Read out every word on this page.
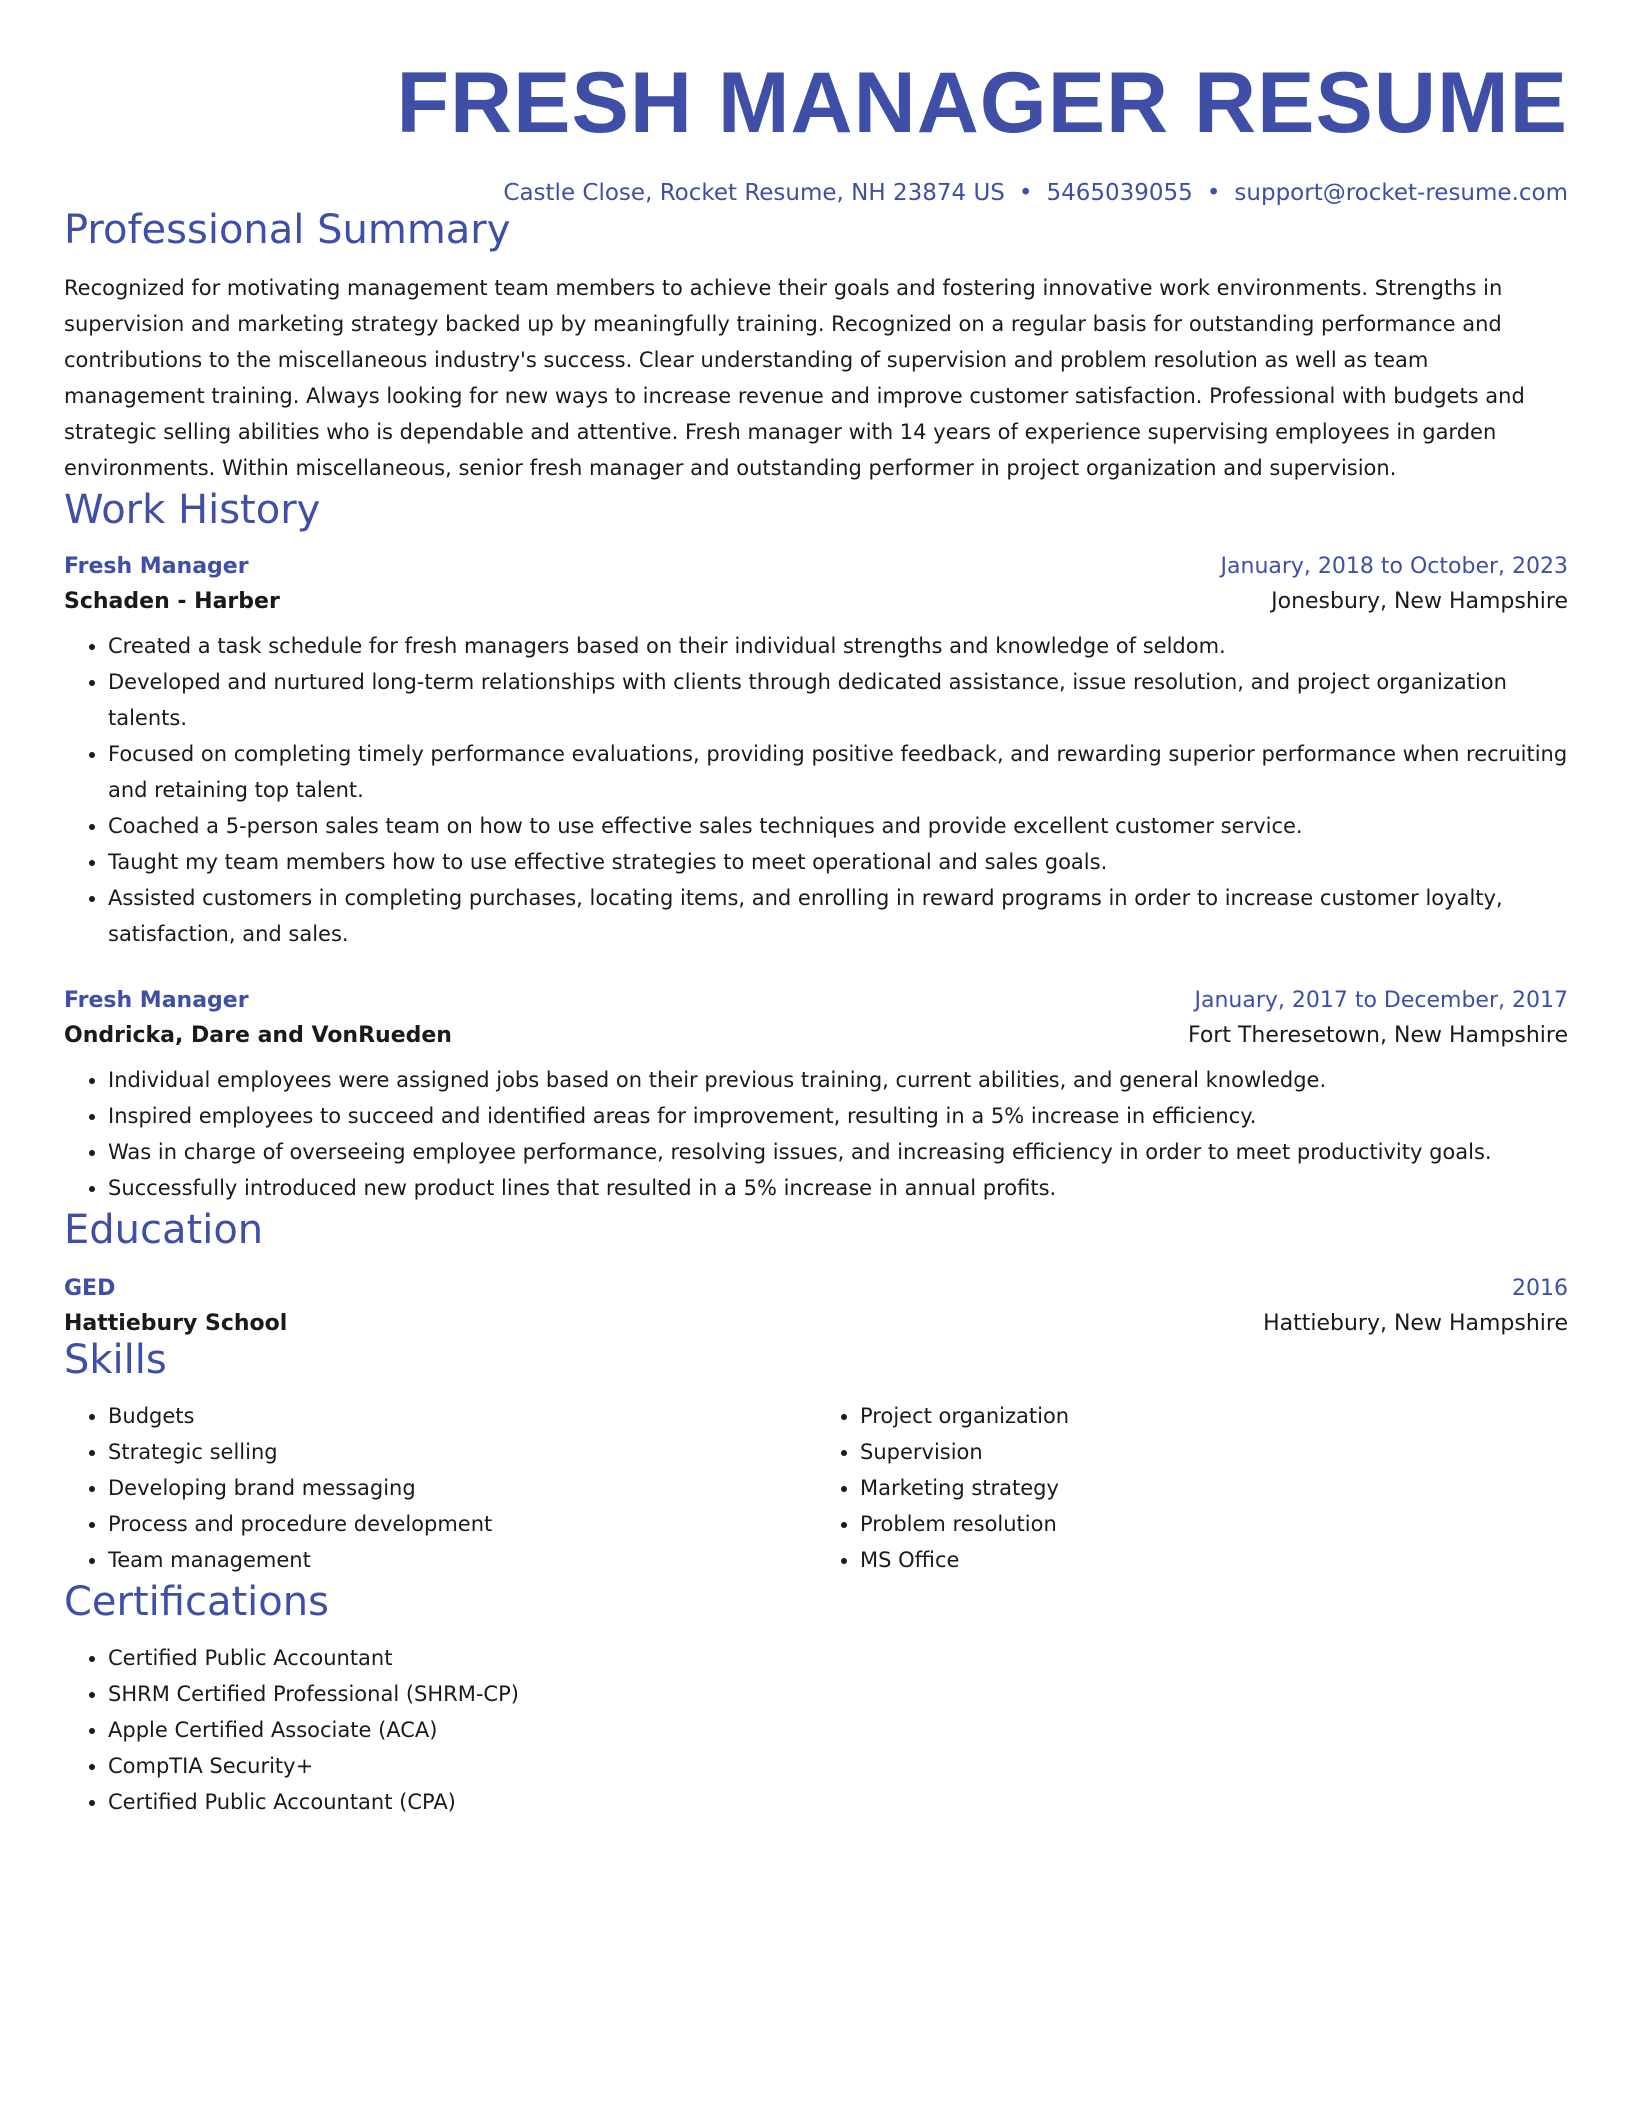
FRESH MANAGER RESUME
Castle Close, Rocket Resume, NH 23874 US • 5465039055 • support@rocket-resume.com
Professional Summary
Recognized for motivating management team members to achieve their goals and fostering innovative work environments. Strengths in supervision and marketing strategy backed up by meaningfully training. Recognized on a regular basis for outstanding performance and contributions to the miscellaneous industry's success. Clear understanding of supervision and problem resolution as well as team management training. Always looking for new ways to increase revenue and improve customer satisfaction. Professional with budgets and strategic selling abilities who is dependable and attentive. Fresh manager with 14 years of experience supervising employees in garden environments. Within miscellaneous, senior fresh manager and outstanding performer in project organization and supervision.
Work History
Fresh Manager	January, 2018 to October, 2023
Schaden - Harber	Jonesbury, New Hampshire
• Created a task schedule for fresh managers based on their individual strengths and knowledge of seldom.
• Developed and nurtured long-term relationships with clients through dedicated assistance, issue resolution, and project organization talents.
• Focused on completing timely performance evaluations, providing positive feedback, and rewarding superior performance when recruiting and retaining top talent.
• Coached a 5-person sales team on how to use effective sales techniques and provide excellent customer service.
• Taught my team members how to use effective strategies to meet operational and sales goals.
• Assisted customers in completing purchases, locating items, and enrolling in reward programs in order to increase customer loyalty, satisfaction, and sales.
Fresh Manager	January, 2017 to December, 2017
Ondricka, Dare and VonRueden	Fort Theresetown, New Hampshire
• Individual employees were assigned jobs based on their previous training, current abilities, and general knowledge.
• Inspired employees to succeed and identified areas for improvement, resulting in a 5% increase in efficiency.
• Was in charge of overseeing employee performance, resolving issues, and increasing efficiency in order to meet productivity goals.
• Successfully introduced new product lines that resulted in a 5% increase in annual profits.
Education
GED	2016
Hattiebury School	Hattiebury, New Hampshire
Skills
• Budgets
• Strategic selling
• Developing brand messaging
• Process and procedure development
• Team management
• Project organization
• Supervision
• Marketing strategy
• Problem resolution
• MS Office
Certifications
• Certified Public Accountant
• SHRM Certified Professional (SHRM-CP)
• Apple Certified Associate (ACA)
• CompTIA Security+
• Certified Public Accountant (CPA)
